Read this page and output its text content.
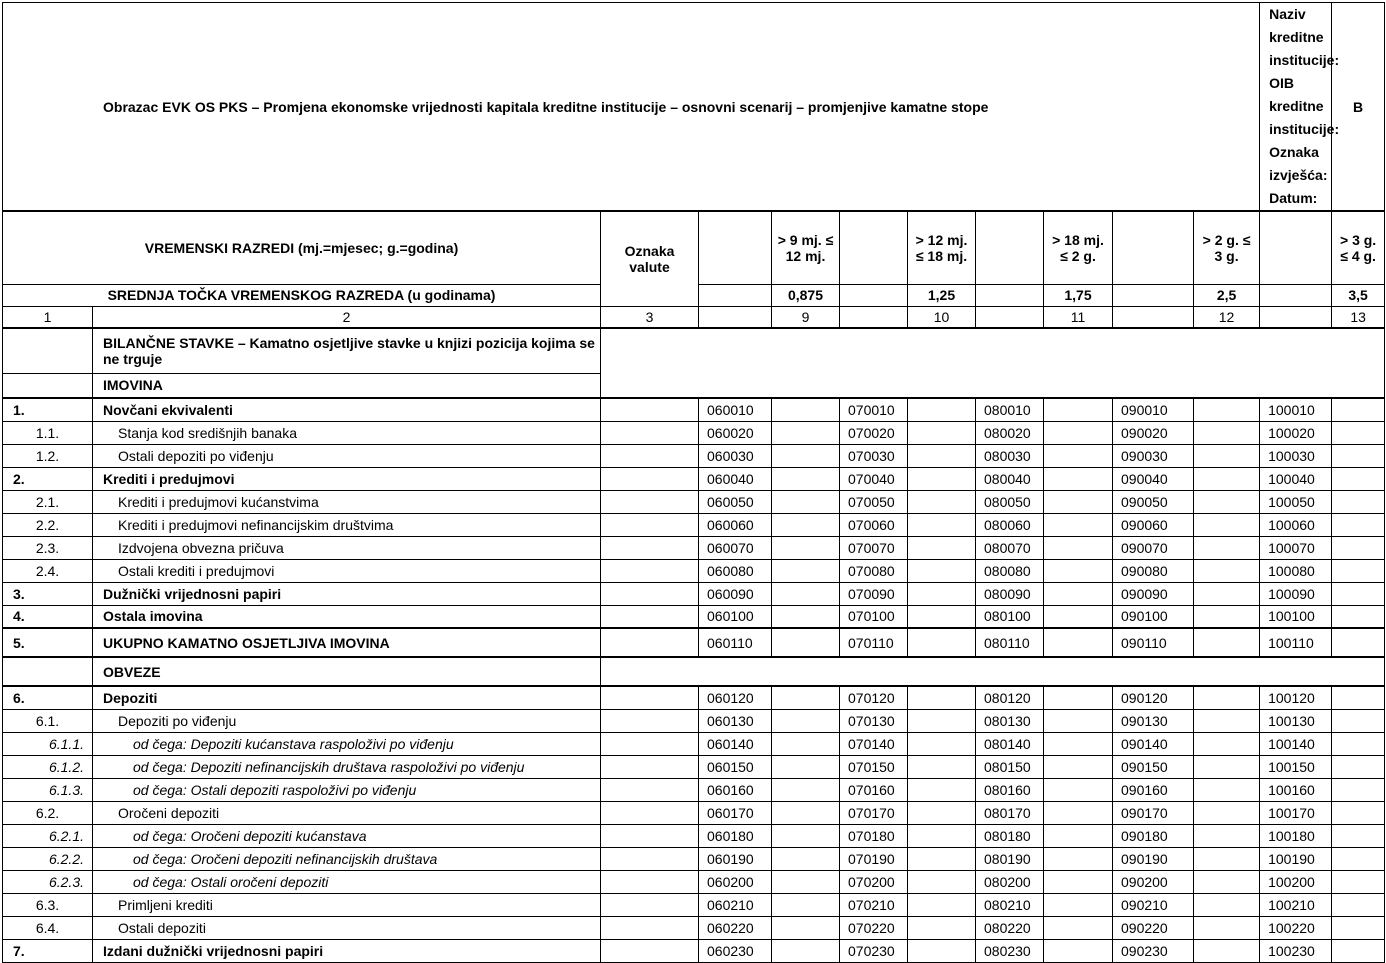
Obrazac EVK OS PKS – Promjena ekonomske vrijednosti kapitala kreditne institucije – osnovni scenarij – promjenjive kamatne stope											Naziv kreditne institucije:
OIB kreditne institucije:
Oznaka izvješća:
Datum:	B
VREMENSKI RAZREDI (mj.=mjesec; g.=godina)		Oznaka valute		> 9 mj. ≤ 12 mj.		> 12 mj. ≤ 18 mj.		> 18 mj. ≤ 2 g.		> 2 g. ≤ 3 g.		> 3 g. ≤ 4 g.
SREDNJA TOČKA VREMENSKOG RAZREDA (u godinama)				0,875		1,25		1,75		2,5		3,5
1	2	3		9		10		11		12		13
	BILANČNE STAVKE – Kamatno osjetljive stavke u knjizi pozicija kojima se ne trguje											
	IMOVINA											
1.	Novčani ekvivalenti		060010		070010		080010		090010		100010	
1.1.	Stanja kod središnjih banaka		060020		070020		080020		090020		100020	
1.2.	Ostali depoziti po viđenju		060030		070030		080030		090030		100030	
2.	Krediti i predujmovi		060040		070040		080040		090040		100040	
2.1.	Krediti i predujmovi kućanstvima		060050		070050		080050		090050		100050	
2.2.	Krediti i predujmovi nefinancijskim društvima		060060		070060		080060		090060		100060	
2.3.	Izdvojena obvezna pričuva		060070		070070		080070		090070		100070	
2.4.	Ostali krediti i predujmovi		060080		070080		080080		090080		100080	
3.	Dužnički vrijednosni papiri		060090		070090		080090		090090		100090	
4.	Ostala imovina		060100		070100		080100		090100		100100	
5.	UKUPNO KAMATNO OSJETLJIVA IMOVINA		060110		070110		080110		090110		100110	
	OBVEZE											
6.	Depoziti		060120		070120		080120		090120		100120	
6.1.	Depoziti po viđenju		060130		070130		080130		090130		100130	
6.1.1.	od čega: Depoziti kućanstava raspoloživi po viđenju		060140		070140		080140		090140		100140	
6.1.2.	od čega: Depoziti nefinancijskih društava raspoloživi po viđenju		060150		070150		080150		090150		100150	
6.1.3.	od čega: Ostali depoziti raspoloživi po viđenju		060160		070160		080160		090160		100160	
6.2.	Oročeni depoziti		060170		070170		080170		090170		100170	
6.2.1.	od čega: Oročeni depoziti kućanstava		060180		070180		080180		090180		100180	
6.2.2.	od čega: Oročeni depoziti nefinancijskih društava		060190		070190		080190		090190		100190	
6.2.3.	od čega: Ostali oročeni depoziti		060200		070200		080200		090200		100200	
6.3.	Primljeni krediti		060210		070210		080210		090210		100210	
6.4.	Ostali depoziti		060220		070220		080220		090220		100220	
7.	Izdani dužnički vrijednosni papiri		060230		070230		080230		090230		100230	
